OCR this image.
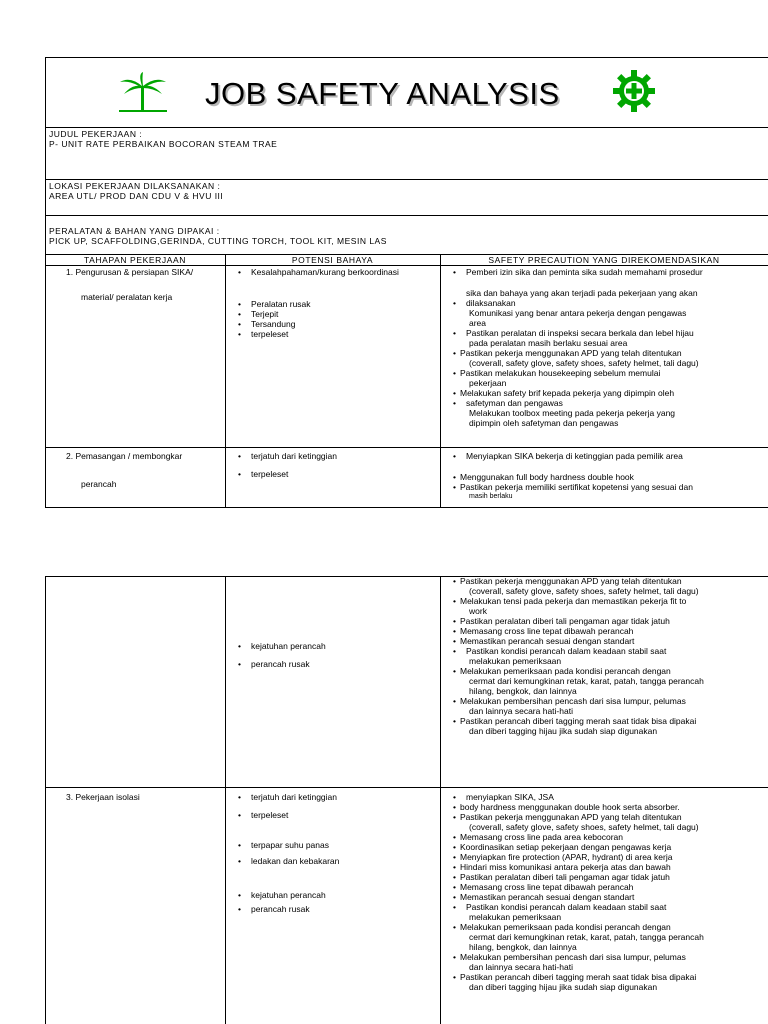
JOB SAFETY ANALYSIS
JUDUL PEKERJAAN :
P- UNIT RATE PERBAIKAN BOCORAN STEAM TRAE
LOKASI PEKERJAAN DILAKSANAKAN :
AREA UTL/ PROD DAN CDU V & HVU III
PERALATAN & BAHAN YANG DIPAKAI :
PICK UP, SCAFFOLDING,GERINDA, CUTTING TORCH, TOOL KIT, MESIN LAS
TAHAPAN PEKERJAAN	POTENSI BAHAYA	SAFETY PRECAUTION YANG DIREKOMENDASIKAN
1. Pengurusan & persiapan SIKA/
material/ peralatan kerja
• Kesalahpahaman/kurang berkoordinasi
• Peralatan rusak
• Terjepit
• Tersandung
• terpeleset
• Pemberi izin sika dan peminta sika sudah memahami prosedur
sika dan bahaya yang akan terjadi pada pekerjaan yang akan
• dilaksanakan
Komunikasi yang benar antara pekerja dengan pengawas
area
• Pastikan peralatan di inspeksi secara berkala dan lebel hijau
pada peralatan masih berlaku sesuai area
• Pastikan pekerja menggunakan APD yang telah ditentukan
(coverall, safety glove, safety shoes, safety helmet, tali dagu)
• Pastikan melakukan housekeeping sebelum memulai
pekerjaan
• Melakukan safety brif kepada pekerja yang dipimpin oleh
• safetyman dan pengawas
Melakukan toolbox meeting pada pekerja pekerja yang
dipimpin oleh safetyman dan pengawas
2. Pemasangan / membongkar
perancah
• terjatuh dari ketinggian
• terpeleset
• Menyiapkan SIKA bekerja di ketinggian pada pemilik area
• Menggunakan full body hardness double hook
• Pastikan pekerja memiliki sertifikat kopetensi yang sesuai dan
masih berlaku
• kejatuhan perancah
• perancah rusak
• Pastikan pekerja menggunakan APD yang telah ditentukan
(coverall, safety glove, safety shoes, safety helmet, tali dagu)
• Melakukan tensi pada pekerja dan memastikan pekerja fit to
work
• Pastikan peralatan diberi tali pengaman agar tidak jatuh
• Memasang cross line tepat dibawah perancah
• Memastikan perancah sesuai dengan standart
• Pastikan kondisi perancah dalam keadaan stabil saat
melakukan pemeriksaan
• Melakukan pemeriksaan pada kondisi perancah dengan
cermat dari kemungkinan retak, karat, patah, tangga perancah
hilang, bengkok, dan lainnya
• Melakukan pembersihan pencash dari sisa lumpur, pelumas
dan lainnya secara hati-hati
• Pastikan perancah diberi tagging merah saat tidak bisa dipakai
dan diberi tagging hijau jika sudah siap digunakan
3. Pekerjaan isolasi
•	terjatuh dari ketinggian
• terpeleset
• terpapar suhu panas
• ledakan dan kebakaran
• kejatuhan perancah
• perancah rusak
• menyiapkan SIKA, JSA
• body hardness menggunakan double hook serta absorber.
• Pastikan pekerja menggunakan APD yang telah ditentukan
(coverall, safety glove, safety shoes, safety helmet, tali dagu)
• Memasang cross line pada area kebocoran
• Koordinasikan setiap pekerjaan dengan pengawas kerja
• Menyiapkan fire protection (APAR, hydrant) di area kerja
• Hindari miss komunikasi antara pekerja atas dan bawah
• Pastikan peralatan diberi tali pengaman agar tidak jatuh
• Memasang cross line tepat dibawah perancah
• Memastikan perancah sesuai dengan standart
• Pastikan kondisi perancah dalam keadaan stabil saat
melakukan pemeriksaan
• Melakukan pemeriksaan pada kondisi perancah dengan
cermat dari kemungkinan retak, karat, patah, tangga perancah
hilang, bengkok, dan lainnya
• Melakukan pembersihan pencash dari sisa lumpur, pelumas
dan lainnya secara hati-hati
• Pastikan perancah diberi tagging merah saat tidak bisa dipakai
dan diberi tagging hijau jika sudah siap digunakan
